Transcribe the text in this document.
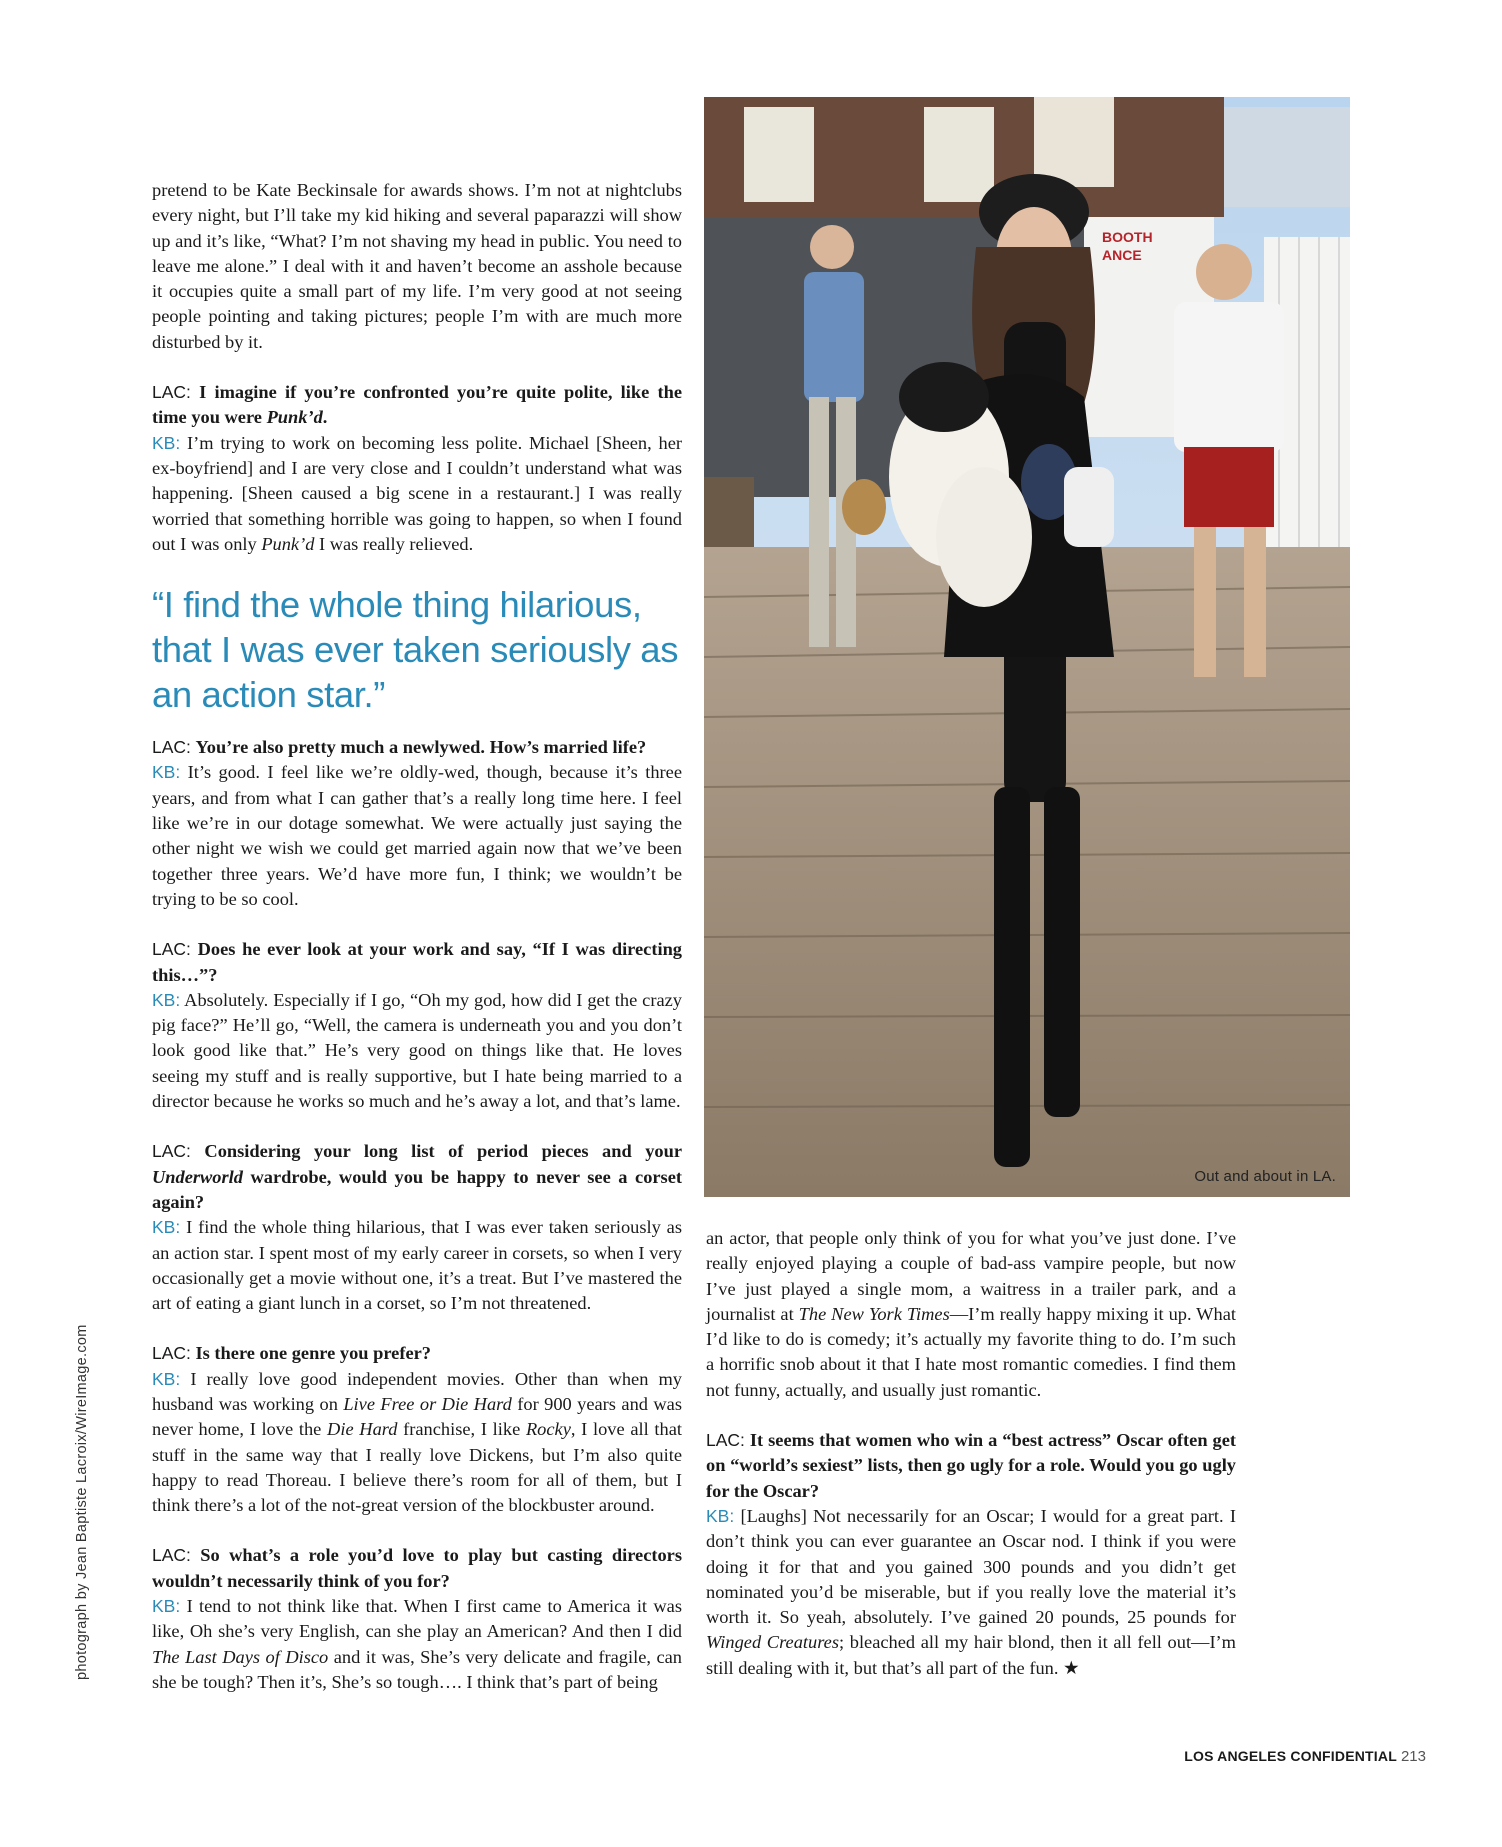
pretend to be Kate Beckinsale for awards shows. I’m not at nightclubs every night, but I’ll take my kid hiking and several paparazzi will show up and it’s like, “What? I’m not shaving my head in public. You need to leave me alone.” I deal with it and haven’t become an asshole because it occupies quite a small part of my life. I’m very good at not seeing people pointing and taking pictures; people I’m with are much more disturbed by it.

LAC: I imagine if you’re confronted you’re quite polite, like the time you were Punk’d.

KB: I’m trying to work on becoming less polite. Michael [Sheen, her ex-boyfriend] and I are very close and I couldn’t understand what was happening. [Sheen caused a big scene in a restaurant.] I was really worried that something horrible was going to happen, so when I found out I was only Punk’d I was really relieved.

“I find the whole thing hilarious, that I was ever taken seriously as an action star.”

LAC: You’re also pretty much a newlywed. How’s married life?

KB: It’s good. I feel like we’re oldly-wed, though, because it’s three years, and from what I can gather that’s a really long time here. I feel like we’re in our dotage somewhat. We were actually just saying the other night we wish we could get married again now that we’ve been together three years. We’d have more fun, I think; we wouldn’t be trying to be so cool.

LAC: Does he ever look at your work and say, “If I was directing this…”?

KB: Absolutely. Especially if I go, “Oh my god, how did I get the crazy pig face?” He’ll go, “Well, the camera is underneath you and you don’t look good like that.” He’s very good on things like that. He loves seeing my stuff and is really supportive, but I hate being married to a director because he works so much and he’s away a lot, and that’s lame.

LAC: Considering your long list of period pieces and your Underworld wardrobe, would you be happy to never see a corset again?

KB: I find the whole thing hilarious, that I was ever taken seriously as an action star. I spent most of my early career in corsets, so when I very occasionally get a movie without one, it’s a treat. But I’ve mastered the art of eating a giant lunch in a corset, so I’m not threatened.

LAC: Is there one genre you prefer?

KB: I really love good independent movies. Other than when my husband was working on Live Free or Die Hard for 900 years and was never home, I love the Die Hard franchise, I like Rocky, I love all that stuff in the same way that I really love Dickens, but I’m also quite happy to read Thoreau. I believe there’s room for all of them, but I think there’s a lot of the not-great version of the blockbuster around.

LAC: So what’s a role you’d love to play but casting directors wouldn’t necessarily think of you for?

KB: I tend to not think like that. When I first came to America it was like, Oh she’s very English, can she play an American? And then I did The Last Days of Disco and it was, She’s very delicate and fragile, can she be tough? Then it’s, She’s so tough…. I think that’s part of being

BOOTH
ANCE
Out and about in LA.

an actor, that people only think of you for what you’ve just done. I’ve really enjoyed playing a couple of bad-ass vampire people, but now I’ve just played a single mom, a waitress in a trailer park, and a journalist at The New York Times—I’m really happy mixing it up. What I’d like to do is comedy; it’s actually my favorite thing to do. I’m such a horrific snob about it that I hate most romantic comedies. I find them not funny, actually, and usually just romantic.

LAC: It seems that women who win a “best actress” Oscar often get on “world’s sexiest” lists, then go ugly for a role. Would you go ugly for the Oscar?

KB: [Laughs] Not necessarily for an Oscar; I would for a great part. I don’t think you can ever guarantee an Oscar nod. I think if you were doing it for that and you gained 300 pounds and you didn’t get nominated you’d be miserable, but if you really love the material it’s worth it. So yeah, absolutely. I’ve gained 20 pounds, 25 pounds for Winged Creatures; bleached all my hair blond, then it all fell out—I’m still dealing with it, but that’s all part of the fun. ★

photograph by Jean Baptiste Lacroix/WireImage.com
LOS ANGELES CONFIDENTIAL 213
